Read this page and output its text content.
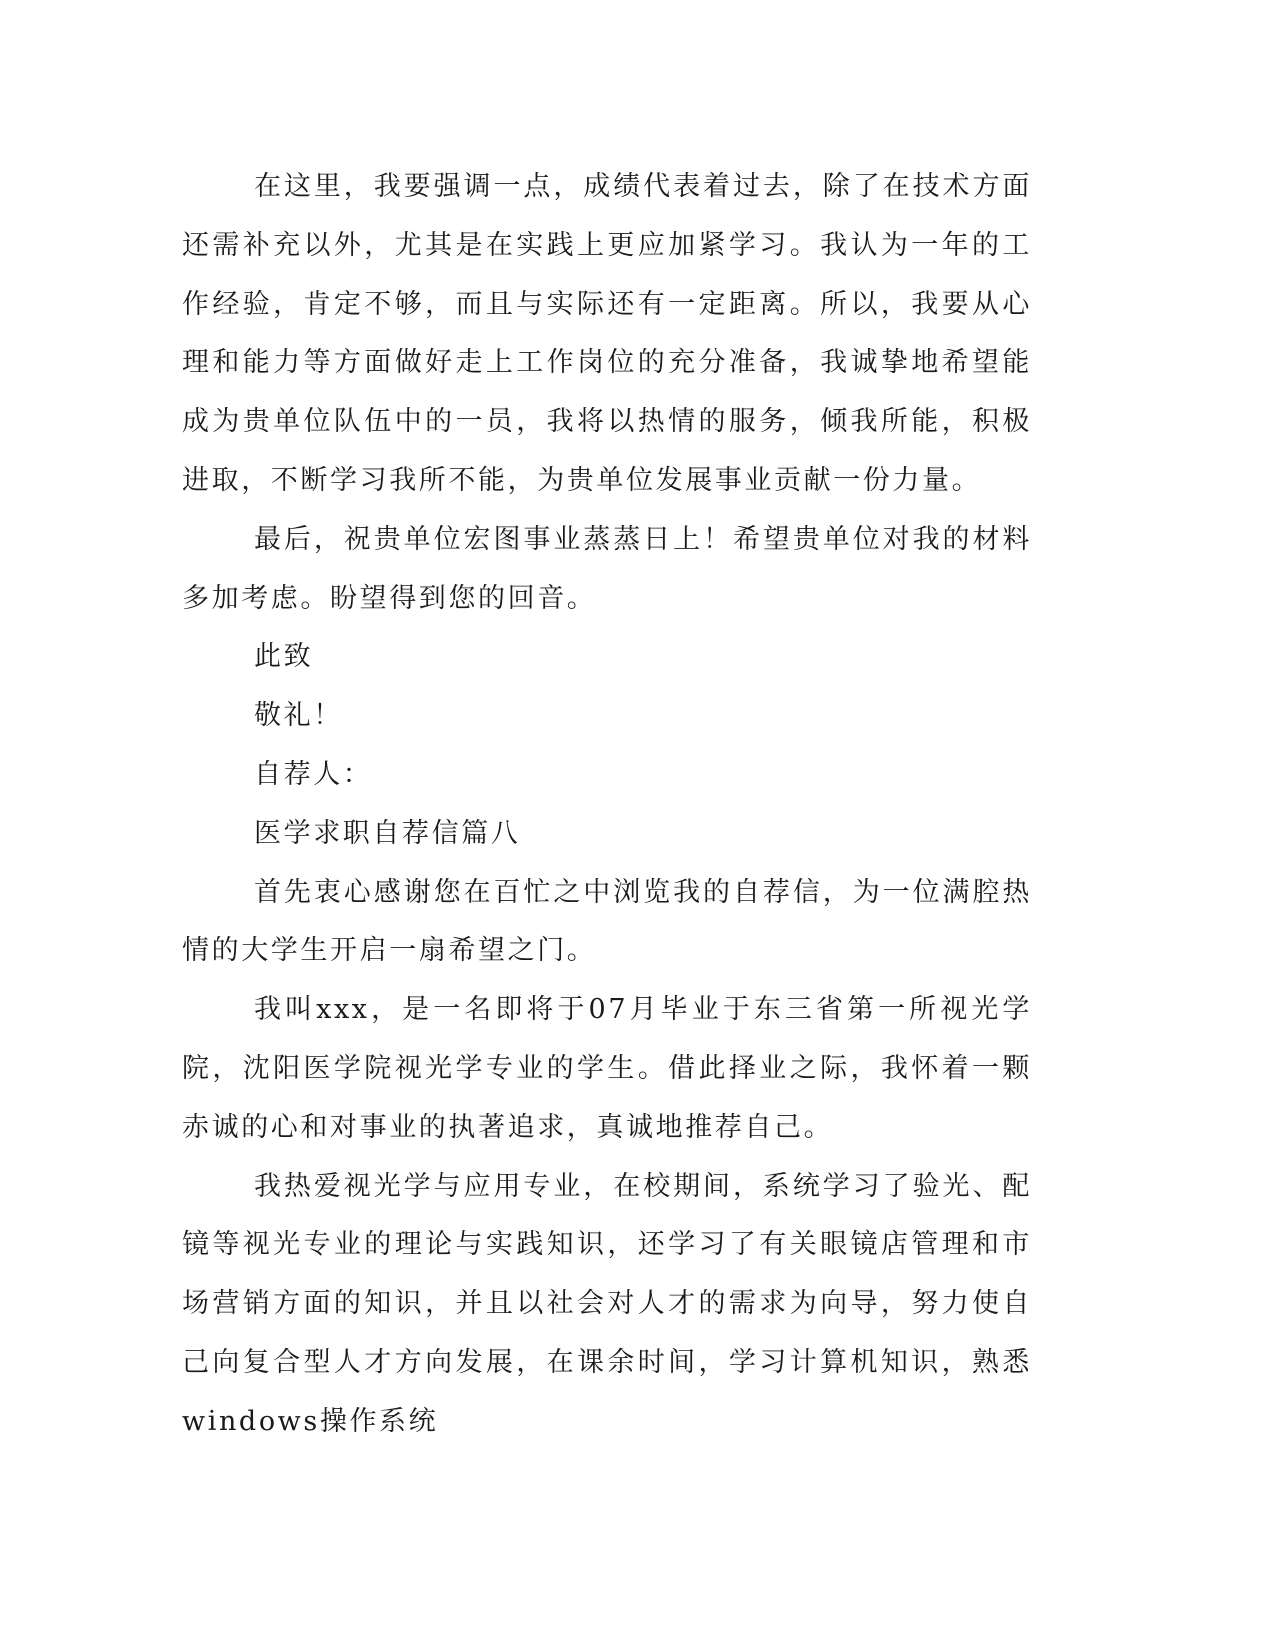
在这里，我要强调一点，成绩代表着过去，除了在技术方面还需补充以外，尤其是在实践上更应加紧学习。我认为一年的工作经验，肯定不够，而且与实际还有一定距离。所以，我要从心理和能力等方面做好走上工作岗位的充分准备，我诚挚地希望能成为贵单位队伍中的一员，我将以热情的服务，倾我所能，积极进取，不断学习我所不能，为贵单位发展事业贡献一份力量。

最后，祝贵单位宏图事业蒸蒸日上！希望贵单位对我的材料多加考虑。盼望得到您的回音。

此致

敬礼！

自荐人：

医学求职自荐信篇八

首先衷心感谢您在百忙之中浏览我的自荐信，为一位满腔热情的大学生开启一扇希望之门。

我叫xxx，是一名即将于07月毕业于东三省第一所视光学院，沈阳医学院视光学专业的学生。借此择业之际，我怀着一颗赤诚的心和对事业的执著追求，真诚地推荐自己。

我热爱视光学与应用专业，在校期间，系统学习了验光、配镜等视光专业的理论与实践知识，还学习了有关眼镜店管理和市场营销方面的知识，并且以社会对人才的需求为向导，努力使自己向复合型人才方向发展，在课余时间，学习计算机知识，熟悉windows操作系统
